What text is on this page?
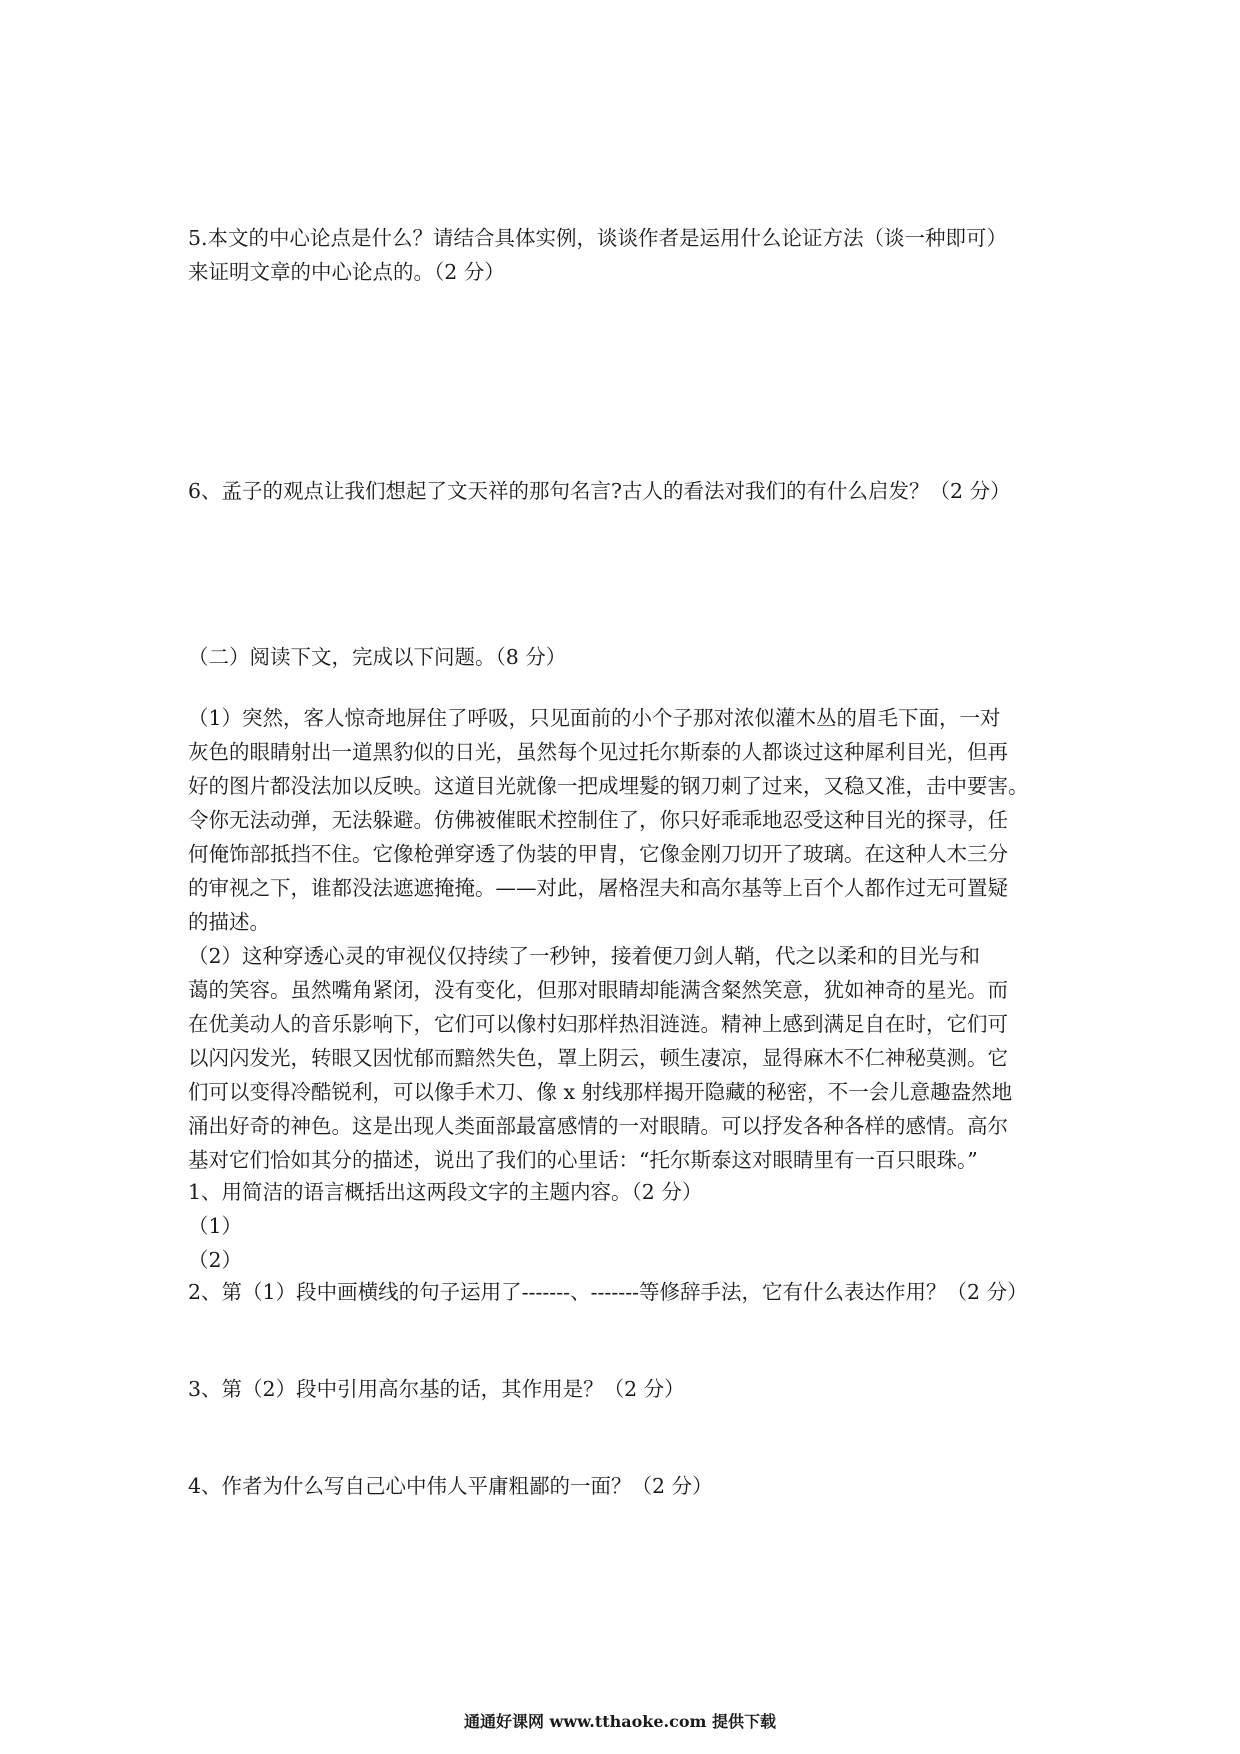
5.本文的中心论点是什么？请结合具体实例，谈谈作者是运用什么论证方法（谈一种即可）
来证明文章的中心论点的。（2 分）
6、孟子的观点让我们想起了文天祥的那句名言?古人的看法对我们的有什么启发？（2 分）
（二）阅读下文，完成以下问题。（8 分）
（1）突然，客人惊奇地屏住了呼吸，只见面前的小个子那对浓似灌木丛的眉毛下面，一对
灰色的眼睛射出一道黑豹似的日光，虽然每个见过托尔斯泰的人都谈过这种犀利目光，但再
好的图片都没法加以反映。这道目光就像一把成埋髮的钢刀刺了过来，又稳又准，击中要害。
令你无法动弹，无法躲避。仿佛被催眠术控制住了，你只好乖乖地忍受这种目光的探寻，任
何俺饰部抵挡不住。它像枪弹穿透了伪装的甲胄，它像金刚刀切开了玻璃。在这种人木三分
的审视之下，谁都没法遮遮掩掩。——对此，屠格涅夫和高尔基等上百个人都作过无可置疑
的描述。
（2）这种穿透心灵的审视仪仅持续了一秒钟，接着便刀剑人鞘，代之以柔和的目光与和
蔼的笑容。虽然嘴角紧闭，没有变化，但那对眼睛却能满含粲然笑意，犹如神奇的星光。而
在优美动人的音乐影响下，它们可以像村妇那样热泪涟涟。精神上感到满足自在时，它们可
以闪闪发光，转眼又因忧郁而黯然失色，罩上阴云，顿生凄凉，显得麻木不仁神秘莫测。它
们可以变得冷酷锐利，可以像手术刀、像 x 射线那样揭开隐藏的秘密，不一会儿意趣盎然地
涌出好奇的神色。这是出现人类面部最富感情的一对眼睛。可以抒发各种各样的感情。高尔
基对它们恰如其分的描述，说出了我们的心里话：“托尔斯泰这对眼睛里有一百只眼珠。”
1、用简洁的语言概括出这两段文字的主题内容。（2 分）
（1）
（2）
2、第（1）段中画横线的句子运用了-------、-------等修辞手法，它有什么表达作用？（2 分）
3、第（2）段中引用高尔基的话，其作用是？（2 分）
4、作者为什么写自己心中伟人平庸粗鄙的一面？（2 分）
通通好课网 www.tthaoke.com 提供下载
